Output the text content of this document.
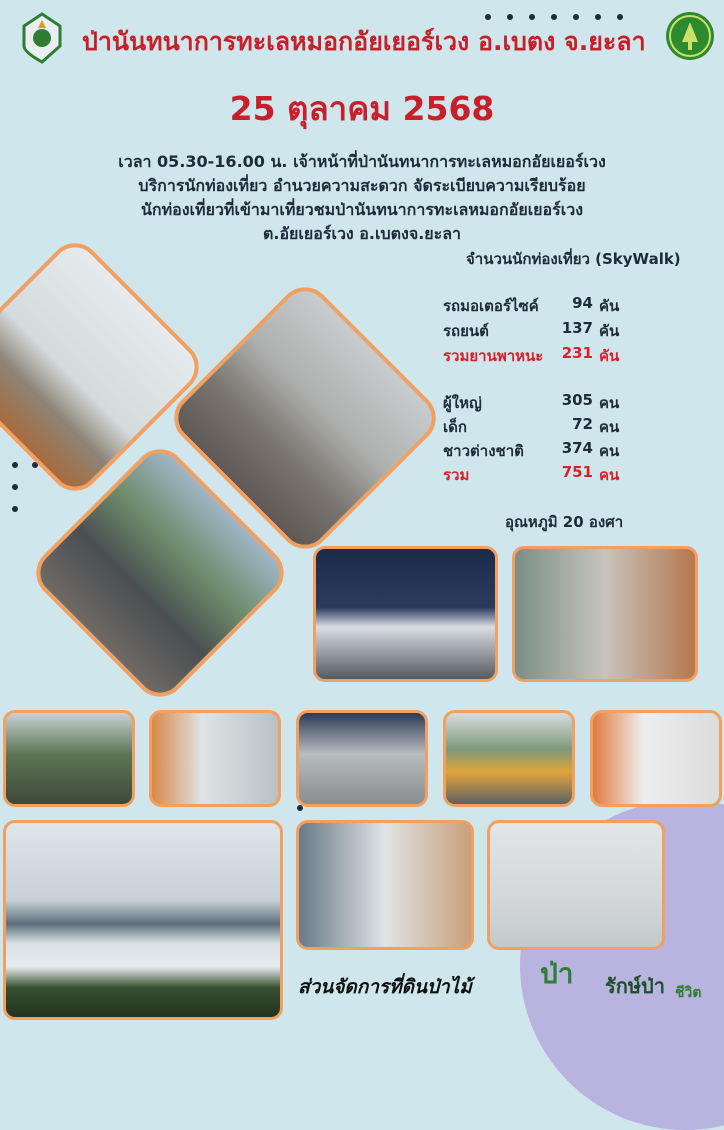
ป่านันทนาการทะเลหมอกอัยเยอร์เวง อ.เบตง จ.ยะลา
25 ตุลาคม 2568
เวลา 05.30-16.00 น. เจ้าหน้าที่ป่านันทนาการทะเลหมอกอัยเยอร์เวง
บริการนักท่องเที่ยว อำนวยความสะดวก จัดระเบียบความเรียบร้อย
นักท่องเที่ยวที่เข้ามาเที่ยวชมป่านันทนาการทะเลหมอกอัยเยอร์เวง
ต.อัยเยอร์เวง อ.เบตงจ.ยะลา
จำนวนนักท่องเที่ยว (SkyWalk)
รถมอเตอร์ไซค์ 94 คัน
รถยนต์	137 คัน
รวมยานพาหนะ 231 คัน
ผู้ใหญ่	305 คน
เด็ก	72 คน
ชาวต่างชาติ	374 คน
รวม	751 คน
อุณหภูมิ 20 องศา
ส่วนจัดการที่ดินป่าไม้ ป่า รักษ์ป่า ชีวิต
